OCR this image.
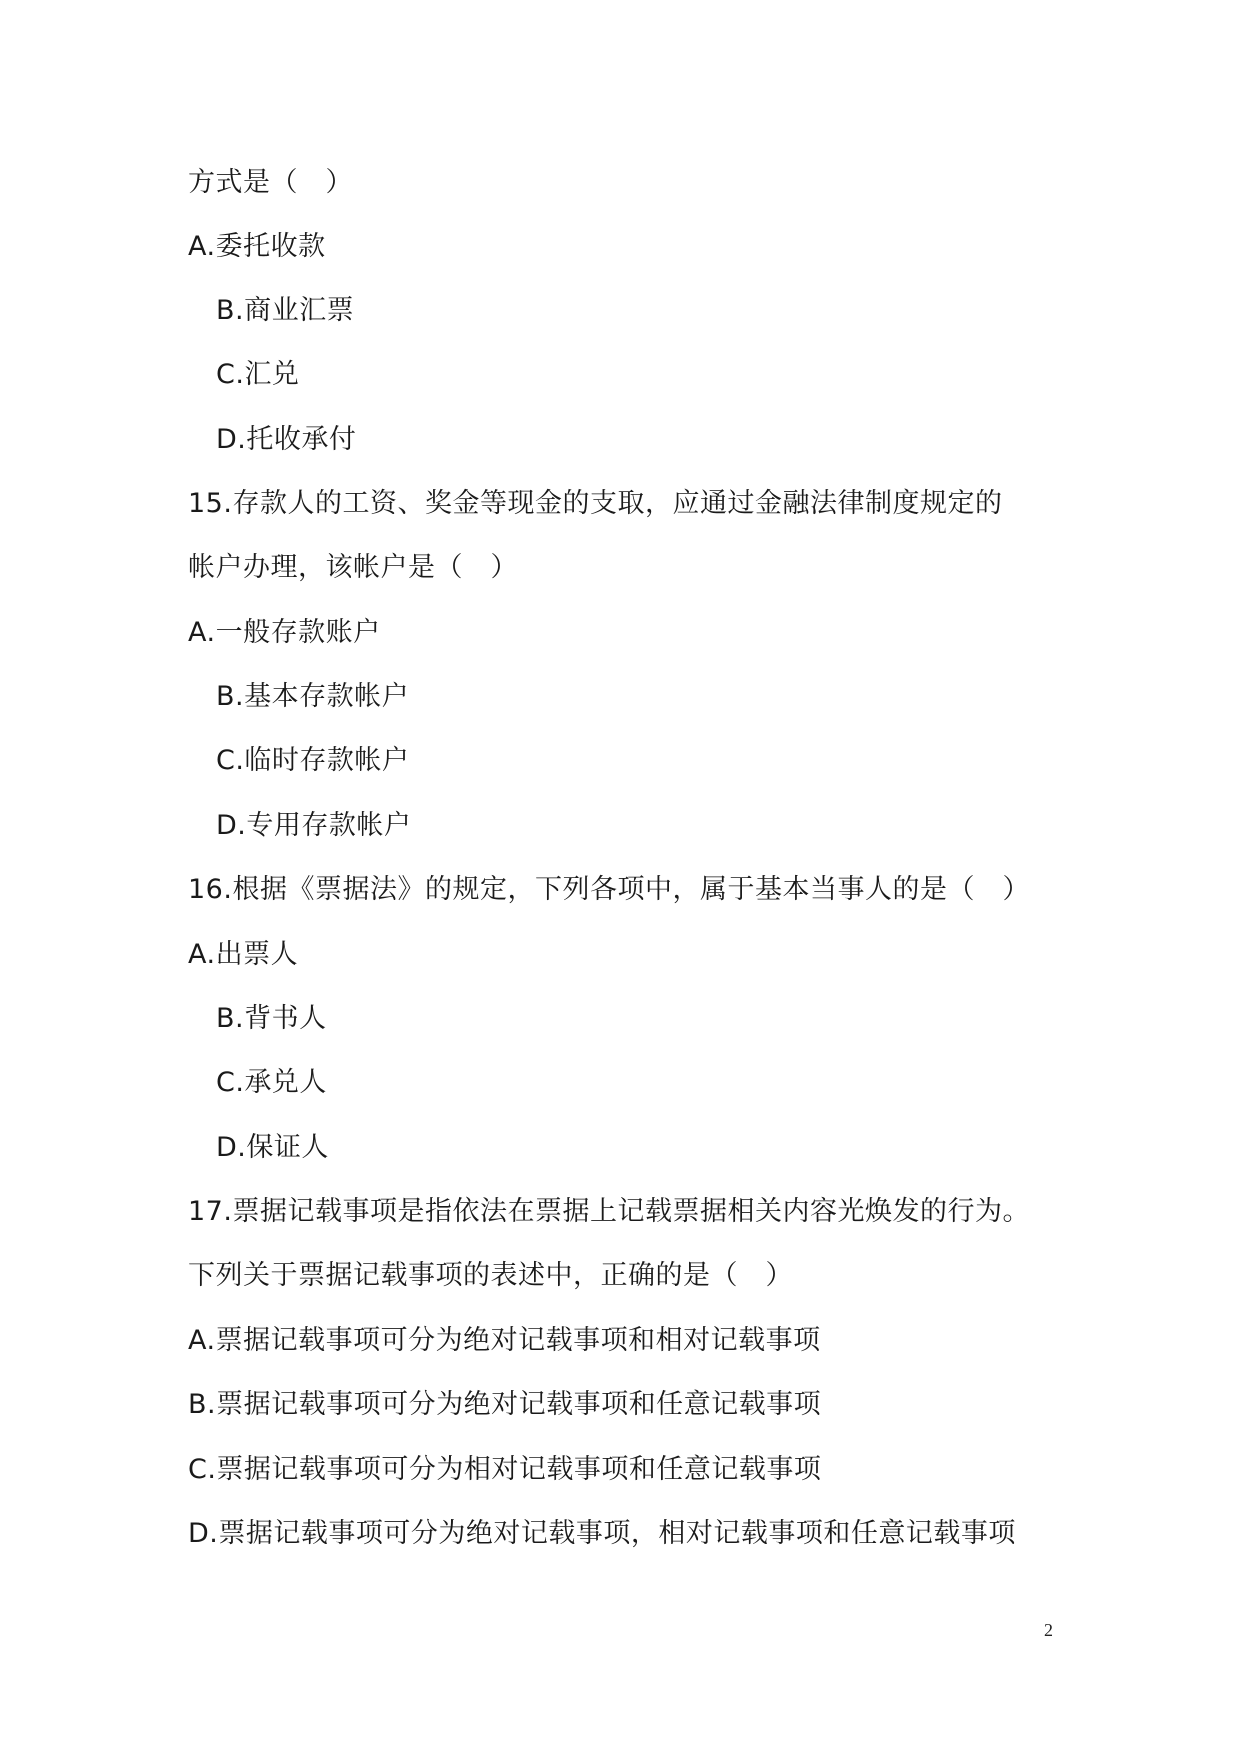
方式是（　）
A.委托收款
B.商业汇票
C.汇兑
D.托收承付
15.存款人的工资、奖金等现金的支取，应通过金融法律制度规定的
帐户办理，该帐户是（　）
A.一般存款账户
B.基本存款帐户
C.临时存款帐户
D.专用存款帐户
16.根据《票据法》的规定，下列各项中，属于基本当事人的是（　）
A.出票人
B.背书人
C.承兑人
D.保证人
17.票据记载事项是指依法在票据上记载票据相关内容光焕发的行为。
下列关于票据记载事项的表述中，正确的是（　）
A.票据记载事项可分为绝对记载事项和相对记载事项
B.票据记载事项可分为绝对记载事项和任意记载事项
C.票据记载事项可分为相对记载事项和任意记载事项
D.票据记载事项可分为绝对记载事项，相对记载事项和任意记载事项
2
